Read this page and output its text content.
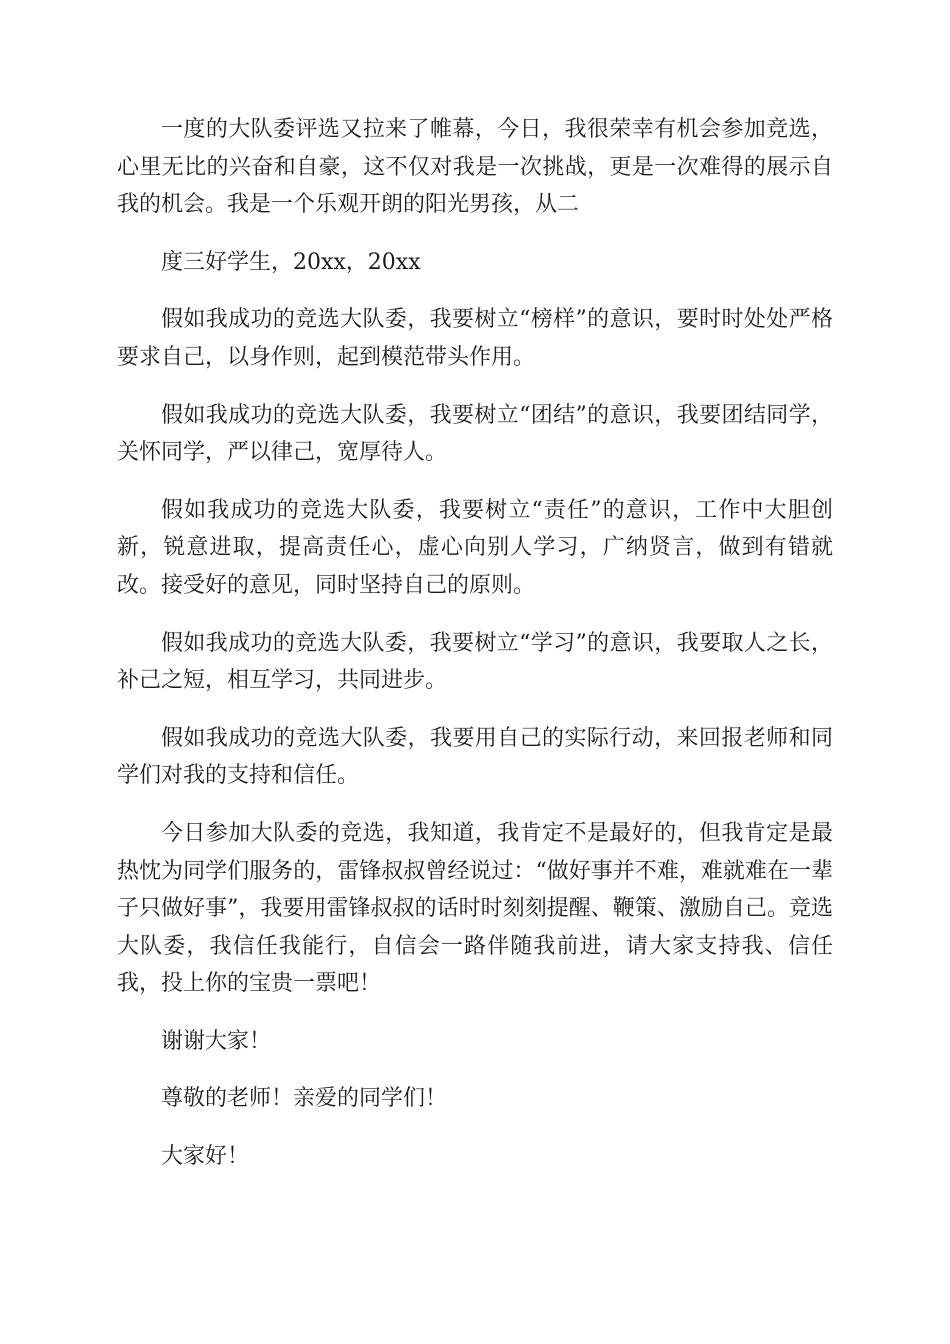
一度的大队委评选又拉来了帷幕，今日，我很荣幸有机会参加竞选，心里无比的兴奋和自豪，这不仅对我是一次挑战，更是一次难得的展示自我的机会。我是一个乐观开朗的阳光男孩，从二

度三好学生，20xx，20xx

假如我成功的竞选大队委，我要树立“榜样”的意识，要时时处处严格要求自己，以身作则，起到模范带头作用。

假如我成功的竞选大队委，我要树立“团结”的意识，我要团结同学，关怀同学，严以律己，宽厚待人。

假如我成功的竞选大队委，我要树立“责任”的意识，工作中大胆创新，锐意进取，提高责任心，虚心向别人学习，广纳贤言，做到有错就改。接受好的意见，同时坚持自己的原则。

假如我成功的竞选大队委，我要树立“学习”的意识，我要取人之长，补己之短，相互学习，共同进步。

假如我成功的竞选大队委，我要用自己的实际行动，来回报老师和同学们对我的支持和信任。

今日参加大队委的竞选，我知道，我肯定不是最好的，但我肯定是最热忱为同学们服务的，雷锋叔叔曾经说过：“做好事并不难，难就难在一辈子只做好事”，我要用雷锋叔叔的话时时刻刻提醒、鞭策、激励自己。竞选大队委，我信任我能行，自信会一路伴随我前进，请大家支持我、信任我，投上你的宝贵一票吧！

谢谢大家！

尊敬的老师！亲爱的同学们！

大家好！
